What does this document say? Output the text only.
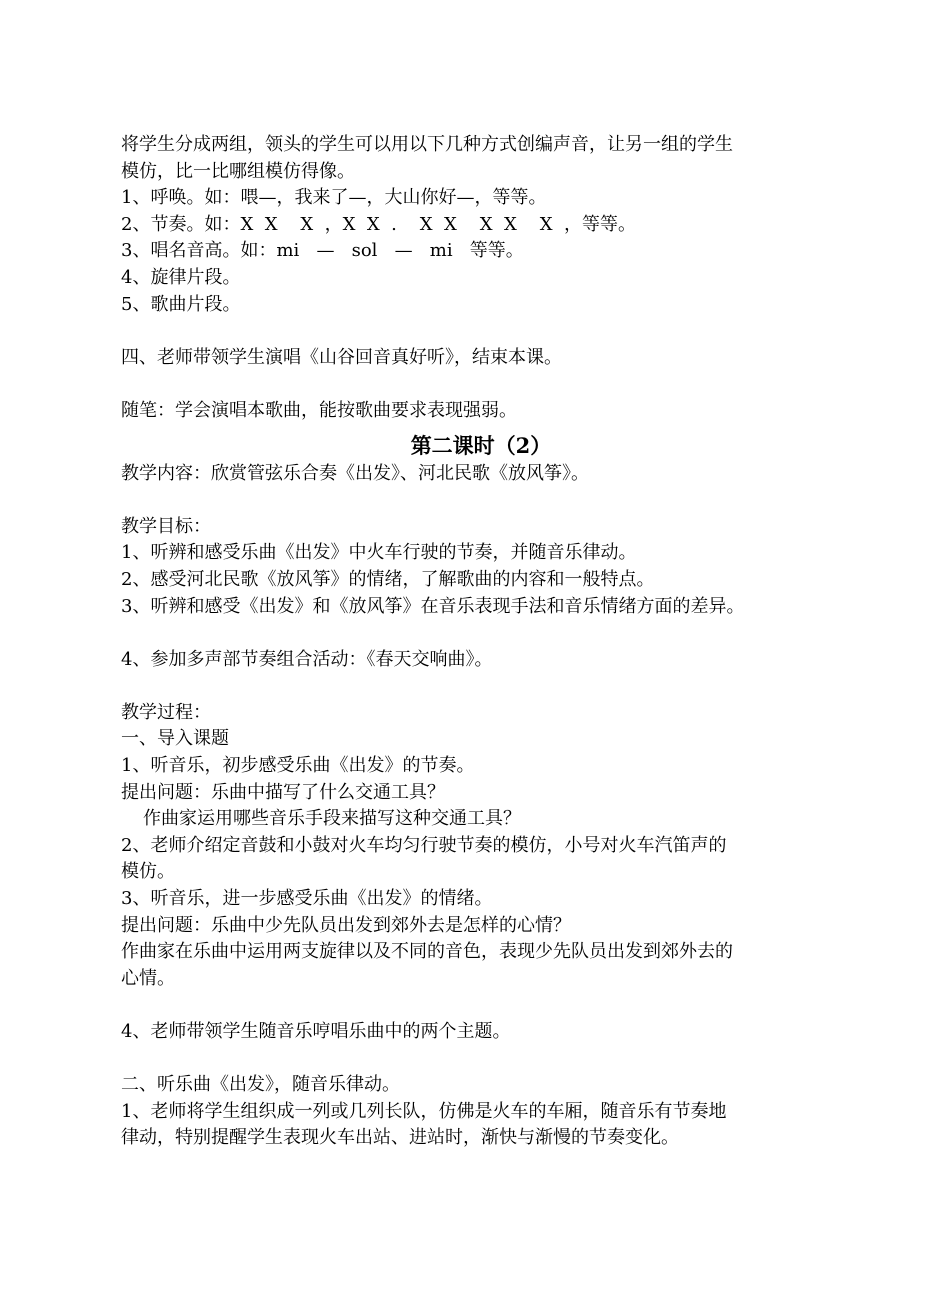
将学生分成两组，领头的学生可以用以下几种方式创编声音，让另一组的学生
模仿，比一比哪组模仿得像。
1、呼唤。如：喂—，我来了—，大山你好—，等等。
2、节奏。如：X  X    X  ，X  X  .    X  X    X  X    X  ，等等。
3、唱名音高。如：mi   —   sol   —   mi   等等。
4、旋律片段。
5、歌曲片段。
四、老师带领学生演唱《山谷回音真好听》，结束本课。
随笔：学会演唱本歌曲，能按歌曲要求表现强弱。
第二课时（2）
教学内容：欣赏管弦乐合奏《出发》、河北民歌《放风筝》。
教学目标：
1、听辨和感受乐曲《出发》中火车行驶的节奏，并随音乐律动。
2、感受河北民歌《放风筝》的情绪，了解歌曲的内容和一般特点。
3、听辨和感受《出发》和《放风筝》在音乐表现手法和音乐情绪方面的差异。
4、参加多声部节奏组合活动：《春天交响曲》。
教学过程：
一、导入课题
1、听音乐，初步感受乐曲《出发》的节奏。
提出问题：乐曲中描写了什么交通工具？
作曲家运用哪些音乐手段来描写这种交通工具？
2、老师介绍定音鼓和小鼓对火车均匀行驶节奏的模仿，小号对火车汽笛声的
模仿。
3、听音乐，进一步感受乐曲《出发》的情绪。
提出问题：乐曲中少先队员出发到郊外去是怎样的心情？
作曲家在乐曲中运用两支旋律以及不同的音色，表现少先队员出发到郊外去的
心情。
4、老师带领学生随音乐哼唱乐曲中的两个主题。
二、听乐曲《出发》，随音乐律动。
1、老师将学生组织成一列或几列长队，仿佛是火车的车厢，随音乐有节奏地
律动，特别提醒学生表现火车出站、进站时，渐快与渐慢的节奏变化。
